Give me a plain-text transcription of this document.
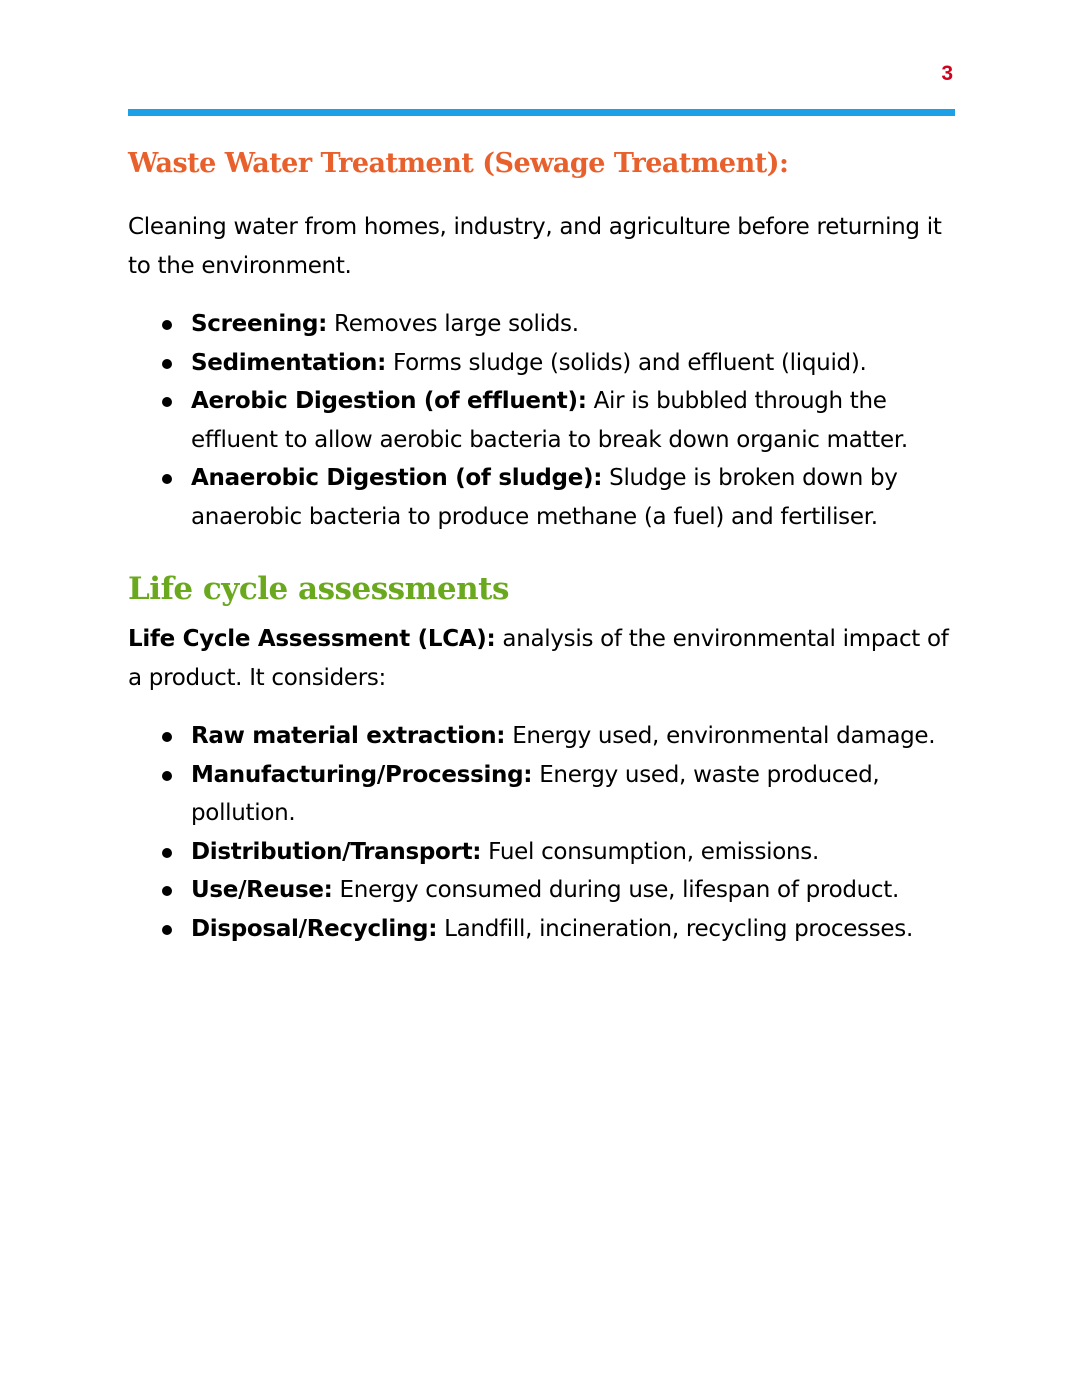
3
Waste Water Treatment (Sewage Treatment):

Cleaning water from homes, industry, and agriculture before returning it to the environment.

Screening: Removes large solids.
Sedimentation: Forms sludge (solids) and effluent (liquid).
Aerobic Digestion (of effluent): Air is bubbled through the effluent to allow aerobic bacteria to break down organic matter.
Anaerobic Digestion (of sludge): Sludge is broken down by anaerobic bacteria to produce methane (a fuel) and fertiliser.
Life cycle assessments

Life Cycle Assessment (LCA): analysis of the environmental impact of a product. It considers:

Raw material extraction: Energy used, environmental damage.
Manufacturing/Processing: Energy used, waste produced, pollution.
Distribution/Transport: Fuel consumption, emissions.
Use/Reuse: Energy consumed during use, lifespan of product.
Disposal/Recycling: Landfill, incineration, recycling processes.
